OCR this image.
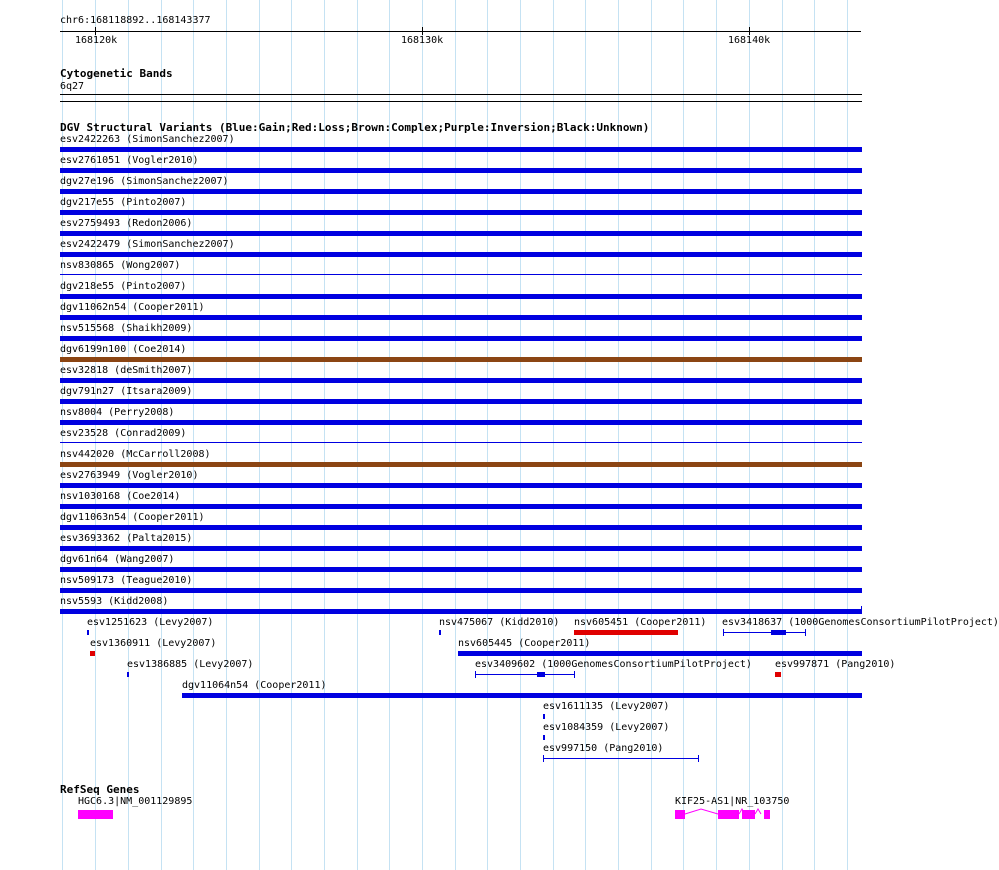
chr6:168118892..168143377
168120k	168130k	168140k
Cytogenetic Bands
6q27
DGV Structural Variants (Blue:Gain;Red:Loss;Brown:Complex;Purple:Inversion;Black:Unknown)
esv2422263 (SimonSanchez2007)
esv2761051 (Vogler2010)
dgv27e196 (SimonSanchez2007)
dgv217e55 (Pinto2007)
esv2759493 (Redon2006)
esv2422479 (SimonSanchez2007)
nsv830865 (Wong2007)
dgv218e55 (Pinto2007)
dgv11062n54 (Cooper2011)
nsv515568 (Shaikh2009)
dgv6199n100 (Coe2014)
esv32818 (deSmith2007)
dgv791n27 (Itsara2009)
nsv8004 (Perry2008)
esv23528 (Conrad2009)
nsv442020 (McCarroll2008)
esv2763949 (Vogler2010)
nsv1030168 (Coe2014)
dgv11063n54 (Cooper2011)
esv3693362 (Palta2015)
dgv61n64 (Wang2007)
nsv509173 (Teague2010)
nsv5593 (Kidd2008)
esv1251623 (Levy2007)	nsv475067 (Kidd2010) nsv605451 (Cooper2011) esv3418637 (1000GenomesConsortiumPilotProject)
esv1360911 (Levy2007)	nsv605445 (Cooper2011)
esv1386885 (Levy2007)	esv3409602 (1000GenomesConsortiumPilotProject) esv997871 (Pang2010)
dgv11064n54 (Cooper2011)
esv1611135 (Levy2007)
esv1084359 (Levy2007)
esv997150 (Pang2010)
RefSeq Genes
HGC6.3|NM_001129895	KIF25-AS1|NR_103750
